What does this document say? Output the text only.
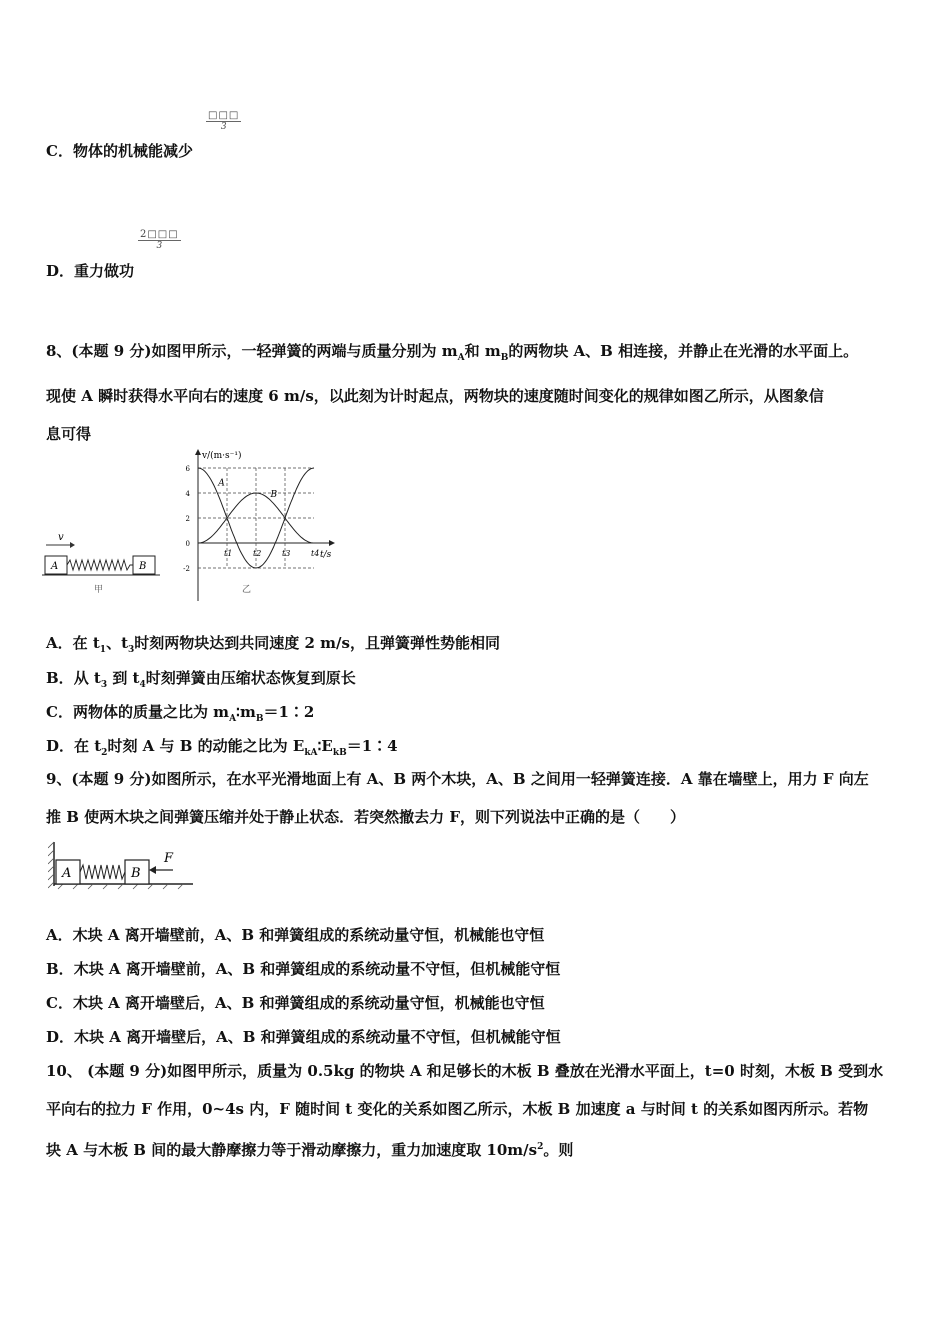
□□□
3
C．物体的机械能减少
$\frac{2□□□}{3}$
D．重力做功
8、(本题 9 分)如图甲所示，一轻弹簧的两端与质量分别为 $m_A$和 $m_B$的两物块 A、B 相连接，并静止在光滑的水平面上。
现使 A 瞬时获得水平向右的速度 6 m/s，以此刻为计时起点，两物块的速度随时间变化的规律如图乙所示，从图象信
息可得
v
A	B
甲
v/(m·s⁻¹)
t/s
乙
6
4
2
0
-2
t1	t2	t3	t4
A
B
A．在 $t_1$、$t_3$时刻两物块达到共同速度 2 m/s，且弹簧弹性势能相同
B．从 $t_3$ 到 $t_4$时刻弹簧由压缩状态恢复到原长
C．两物体的质量之比为 $m_A∶m_B=1∶2$
D．在 $t_2$时刻 A 与 B 的动能之比为 $E_{kA}∶E_{kB}=1∶4$
9、(本题 9 分)如图所示，在水平光滑地面上有 A、B 两个木块，A、B 之间用一轻弹簧连接．A 靠在墙壁上，用力 F 向左
推 B 使两木块之间弹簧压缩并处于静止状态．若突然撤去力 F，则下列说法中正确的是（　　）
A	B
F
A．木块 A 离开墙壁前，A、B 和弹簧组成的系统动量守恒，机械能也守恒
B．木块 A 离开墙壁前，A、B 和弹簧组成的系统动量不守恒，但机械能守恒
C．木块 A 离开墙壁后，A、B 和弹簧组成的系统动量守恒，机械能也守恒
D．木块 A 离开墙壁后，A、B 和弹簧组成的系统动量不守恒，但机械能守恒
10、 (本题 9 分)如图甲所示，质量为 0.5kg 的物块 A 和足够长的木板 B 叠放在光滑水平面上，t=0 时刻，木板 B 受到水
平向右的拉力 F 作用，0~4s 内，F 随时间 t 变化的关系如图乙所示，木板 B 加速度 a 与时间 t 的关系如图丙所示。若物
块 A 与木板 B 间的最大静摩擦力等于滑动摩擦力，重力加速度取 $10m/s^2$。则
